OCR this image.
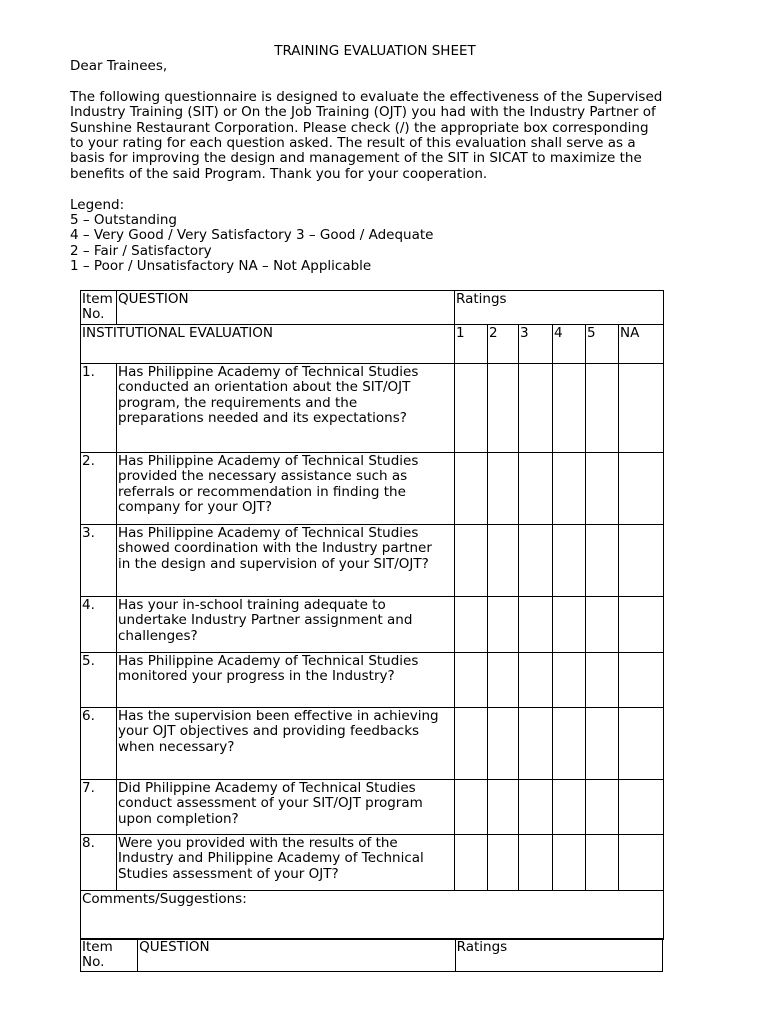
TRAINING EVALUATION SHEET

Dear Trainees,

The following questionnaire is designed to evaluate the effectiveness of the Supervised

Industry Training (SIT) or On the Job Training (OJT) you had with the Industry Partner of

Sunshine Restaurant Corporation. Please check (/) the appropriate box corresponding

to your rating for each question asked. The result of this evaluation shall serve as a

basis for improving the design and management of the SIT in SICAT to maximize the

benefits of the said Program. Thank you for your cooperation.

Legend:

5 – Outstanding

4 – Very Good / Very Satisfactory 3 – Good / Adequate

2 – Fair / Satisfactory

1 – Poor / Unsatisfactory NA – Not Applicable

Item
No.	QUESTION	Ratings					
INSTITUTIONAL EVALUATION		1	2	3	4	5	NA
1.	Has Philippine Academy of Technical Studies
conducted an orientation about the SIT/OJT
program, the requirements and the
preparations needed and its expectations?						

2.	Has Philippine Academy of Technical Studies
provided the necessary assistance such as
referrals or recommendation in finding the
company for your OJT?						

3.	Has Philippine Academy of Technical Studies
showed coordination with the Industry partner
in the design and supervision of your SIT/OJT?						

4.	Has your in-school training adequate to
undertake Industry Partner assignment and
challenges?						

5.	Has Philippine Academy of Technical Studies
monitored your progress in the Industry?						

6.	Has the supervision been effective in achieving
your OJT objectives and providing feedbacks
when necessary?						

7.	Did Philippine Academy of Technical Studies
conduct assessment of your SIT/OJT program
upon completion?						

8.	Were you provided with the results of the
Industry and Philippine Academy of Technical
Studies assessment of your OJT?						

Comments/Suggestions:							
Item
No.
	QUESTION	Ratings
